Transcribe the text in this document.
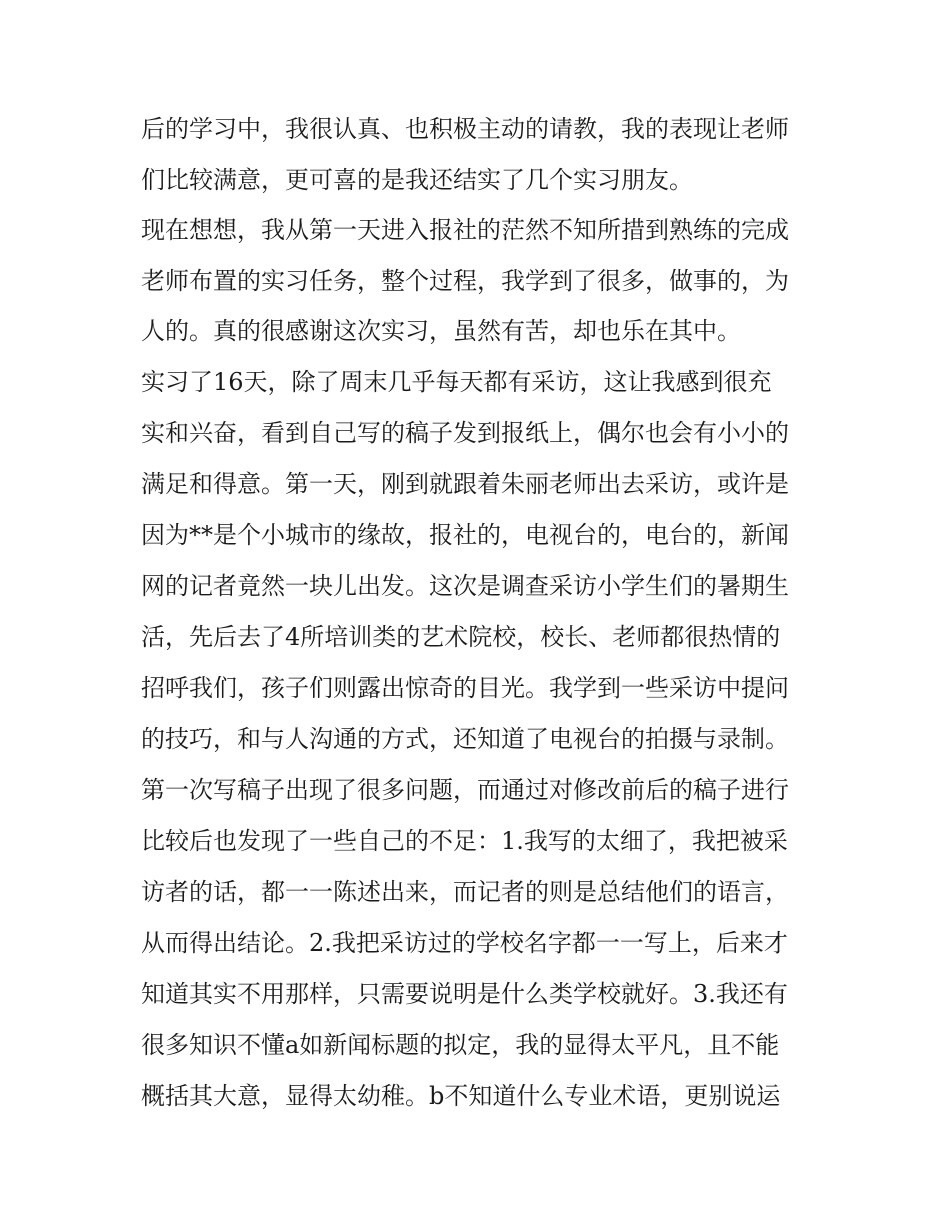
后的学习中，我很认真、也积极主动的请教，我的表现让老师
们比较满意，更可喜的是我还结实了几个实习朋友。
现在想想，我从第一天进入报社的茫然不知所措到熟练的完成
老师布置的实习任务，整个过程，我学到了很多，做事的，为
人的。真的很感谢这次实习，虽然有苦，却也乐在其中。
实习了16天，除了周末几乎每天都有采访，这让我感到很充
实和兴奋，看到自己写的稿子发到报纸上，偶尔也会有小小的
满足和得意。第一天，刚到就跟着朱丽老师出去采访，或许是
因为**是个小城市的缘故，报社的，电视台的，电台的，新闻
网的记者竟然一块儿出发。这次是调查采访小学生们的暑期生
活，先后去了4所培训类的艺术院校，校长、老师都很热情的
招呼我们，孩子们则露出惊奇的目光。我学到一些采访中提问
的技巧，和与人沟通的方式，还知道了电视台的拍摄与录制。
第一次写稿子出现了很多问题，而通过对修改前后的稿子进行
比较后也发现了一些自己的不足：1.我写的太细了，我把被采
访者的话，都一一陈述出来，而记者的则是总结他们的语言，
从而得出结论。2.我把采访过的学校名字都一一写上，后来才
知道其实不用那样，只需要说明是什么类学校就好。3.我还有
很多知识不懂a如新闻标题的拟定，我的显得太平凡，且不能
概括其大意，显得太幼稚。b不知道什么专业术语，更别说运
